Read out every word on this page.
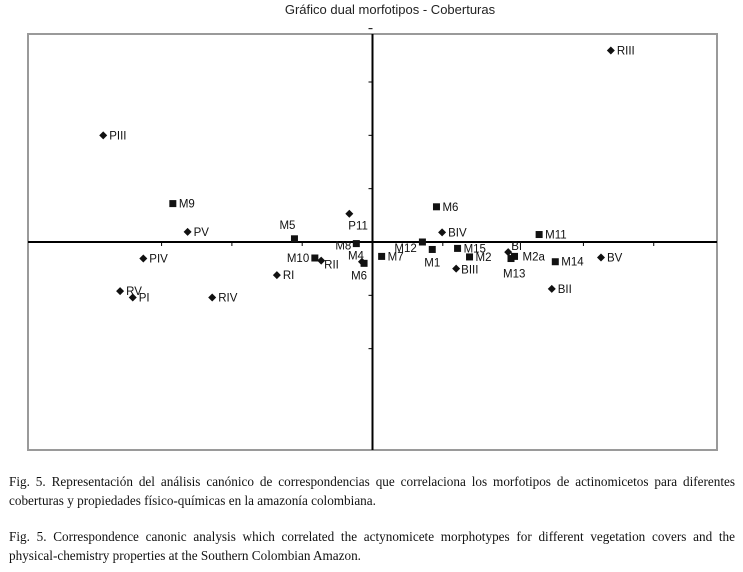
Gráfico dual morfotipos - Coberturas
RIII
PIII
PV
P11
BIV
PIV
RII
RI
BI
BIII
BV
RV
PI	RIV
BII
M4
M9	M6
M5
M11
M8	M12	M15
M1
M10	M7	M2
M6
M2a
M13
M14
Fig. 5. Representación del análisis canónico de correspondencias que correlaciona los morfotipos de actinomicetos para diferentes coberturas y propiedades físico-químicas en la amazonía colombiana.
Fig. 5. Correspondence canonic analysis which correlated the actynomicete morphotypes for different vegetation covers and the physical-chemistry properties at the Southern Colombian Amazon.
